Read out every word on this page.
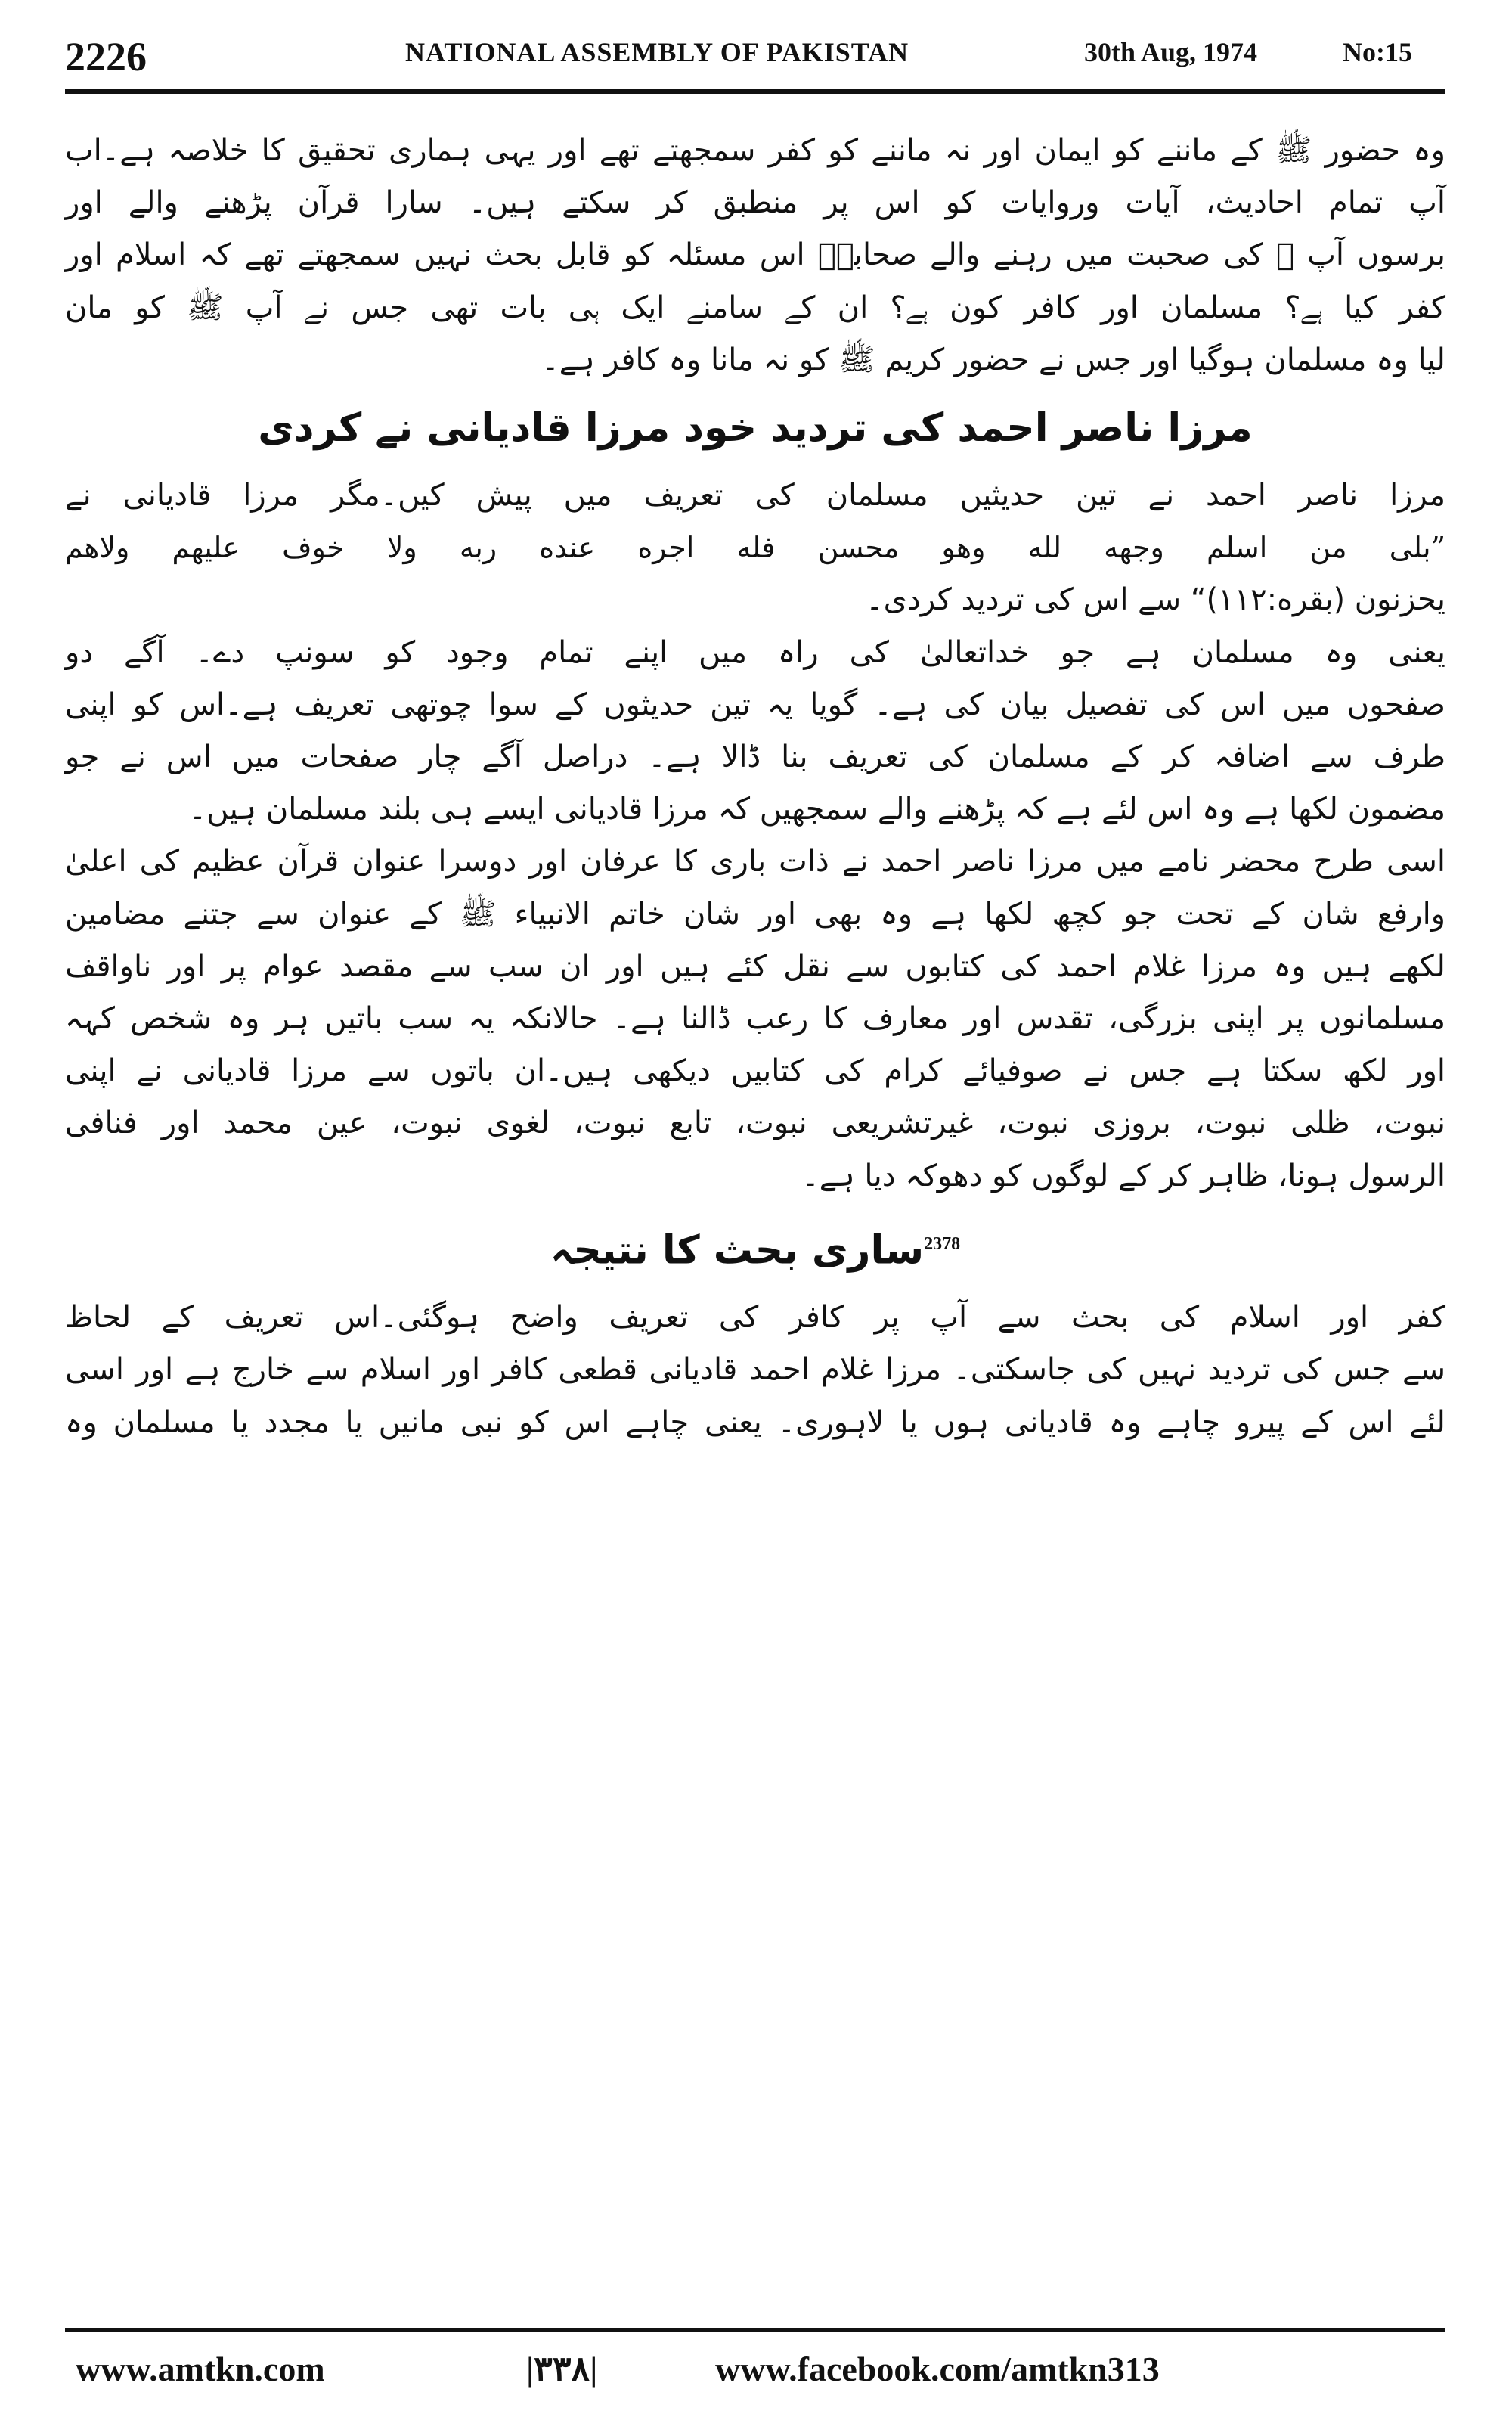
2226	NATIONAL ASSEMBLY OF PAKISTAN	30th Aug, 1974	No:15

وہ حضور ﷺ کے ماننے کو ایمان اور نہ ماننے کو کفر سمجھتے تھے اور یہی ہماری تحقیق کا خلاصہ ہے۔اب
آپ تمام احادیث، آیات وروایات کو اس پر منطبق کر سکتے ہیں۔ سارا قرآن پڑھنے والے اور
برسوں آپ ﷺ کی صحبت میں رہنے والے صحابہؓ اس مسئلہ کو قابل بحث نہیں سمجھتے تھے کہ اسلام اور
کفر کیا ہے؟ مسلمان اور کافر کون ہے؟ ان کے سامنے ایک ہی بات تھی جس نے آپ ﷺ کو مان
لیا وہ مسلمان ہوگیا اور جس نے حضور کریم ﷺ کو نہ مانا وہ کافر ہے۔

مرزا ناصر احمد کی تردید خود مرزا قادیانی نے کردی

مرزا ناصر احمد نے تین حدیثیں مسلمان کی تعریف میں پیش کیں۔مگر مرزا قادیانی نے

”بلی من اسلم وجهه لله وهو محسن فله اجره عنده ربه ولا خوف عليهم ولاهم
يحزنون (بقره:۱۱۲)“ سے اس کی تردید کردی۔

یعنی وہ مسلمان ہے جو خداتعالیٰ کی راہ میں اپنے تمام وجود کو سونپ دے۔ آگے دو
صفحوں میں اس کی تفصیل بیان کی ہے۔ گویا یہ تین حدیثوں کے سوا چوتھی تعریف ہے۔اس کو اپنی
طرف سے اضافہ کر کے مسلمان کی تعریف بنا ڈالا ہے۔ دراصل آگے چار صفحات میں اس نے جو
مضمون لکھا ہے وہ اس لئے ہے کہ پڑھنے والے سمجھیں کہ مرزا قادیانی ایسے ہی بلند مسلمان ہیں۔

اسی طرح محضر نامے میں مرزا ناصر احمد نے ذات باری کا عرفان اور دوسرا عنوان قرآن عظیم کی اعلیٰ
وارفع شان کے تحت جو کچھ لکھا ہے وہ بھی اور شان خاتم الانبیاء ﷺ کے عنوان سے جتنے مضامین
لکھے ہیں وہ مرزا غلام احمد کی کتابوں سے نقل کئے ہیں اور ان سب سے مقصد عوام پر اور ناواقف
مسلمانوں پر اپنی بزرگی، تقدس اور معارف کا رعب ڈالنا ہے۔ حالانکہ یہ سب باتیں ہر وہ شخص کہہ
اور لکھ سکتا ہے جس نے صوفیائے کرام کی کتابیں دیکھی ہیں۔ان باتوں سے مرزا قادیانی نے اپنی
نبوت، ظلی نبوت، بروزی نبوت، غیرتشریعی نبوت، تابع نبوت، لغوی نبوت، عین محمد اور فنافی
الرسول ہونا، ظاہر کر کے لوگوں کو دھوکہ دیا ہے۔

$^{2378}$ساری بحث کا نتیجہ

کفر اور اسلام کی بحث سے آپ پر کافر کی تعریف واضح ہوگئی۔اس تعریف کے لحاظ
سے جس کی تردید نہیں کی جاسکتی۔ مرزا غلام احمد قادیانی قطعی کافر اور اسلام سے خارج ہے اور اسی
لئے اس کے پیرو چاہے وہ قادیانی ہوں یا لاہوری۔ یعنی چاہے اس کو نبی مانیں یا مجدد یا مسلمان وہ

www.amtkn.com	|۳۳۸|	www.facebook.com/amtkn313
